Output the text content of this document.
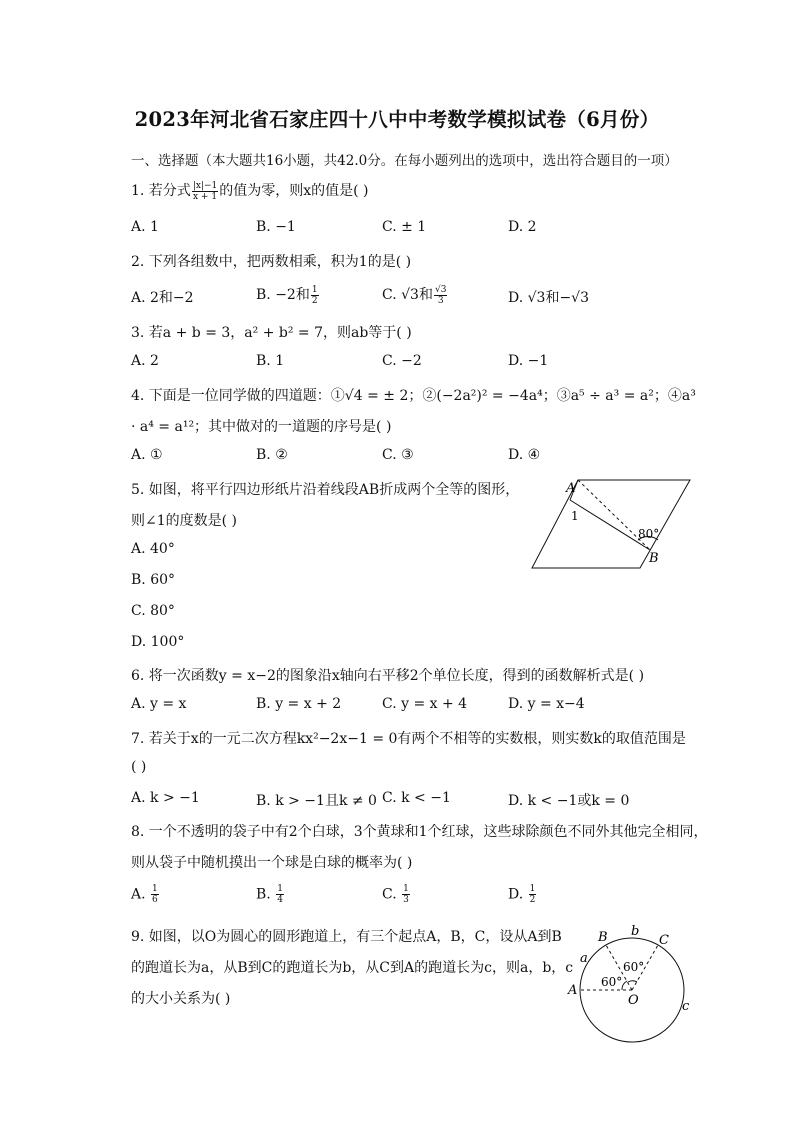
2023年河北省石家庄四十八中中考数学模拟试卷（6月份）
一、选择题（本大题共16小题，共42.0分。在每小题列出的选项中，选出符合题目的一项）
1. 若分式 $\frac{|x|-1}{x + 1}$ 的值为零，则x的值是( )
A. 1	B. −1	C. ± 1	D. 2
2. 下列各组数中，把两数相乘，积为1的是( )
A. 2和−2	B. −2和 $\frac{1}{2}$	C. √3和 $\frac{√3}{3}$	D. √3和−√3
3. 若a + b = 3，a² + b² = 7，则ab等于( )
A. 2	B. 1	C. −2	D. −1
4. 下面是一位同学做的四道题：①√4 = ± 2；②(−2a²)² = −4a⁴；③a⁵ ÷ a³ = a²；④a³
· a⁴ = a¹²；其中做对的一道题的序号是( )
A. ①	B. ②	C. ③	D. ④
5. 如图，将平行四边形纸片沿着线段AB折成两个全等的图形，
则∠1的度数是( )
A. 40°
B. 60°
C. 80°
D. 100°
A
1
80°
B
6. 将一次函数y = x−2的图象沿x轴向右平移2个单位长度，得到的函数解析式是( )
A. y = x	B. y = x + 2	C. y = x + 4	D. y = x−4
7. 若关于x的一元二次方程kx²−2x−1 = 0有两个不相等的实数根，则实数k的取值范围是
( )
A. k > −1	B. k > −1且k ≠ 0 C. k < −1	D. k < −1或k = 0
8. 一个不透明的袋子中有2个白球，3个黄球和1个红球，这些球除颜色不同外其他完全相同，
则从袋子中随机摸出一个球是白球的概率为( )
A. $\frac{1}{6}$	B. $\frac{1}{4}$	C. $\frac{1}{3}$	D. $\frac{1}{2}$
9. 如图，以O为圆心的圆形跑道上，有三个起点A，B，C，设从A到B
的跑道长为a，从B到C的跑道长为b，从C到A的跑道长为c，则a，b，c
的大小关系为( )
B b
C
a
60°
60°
A
O	c
